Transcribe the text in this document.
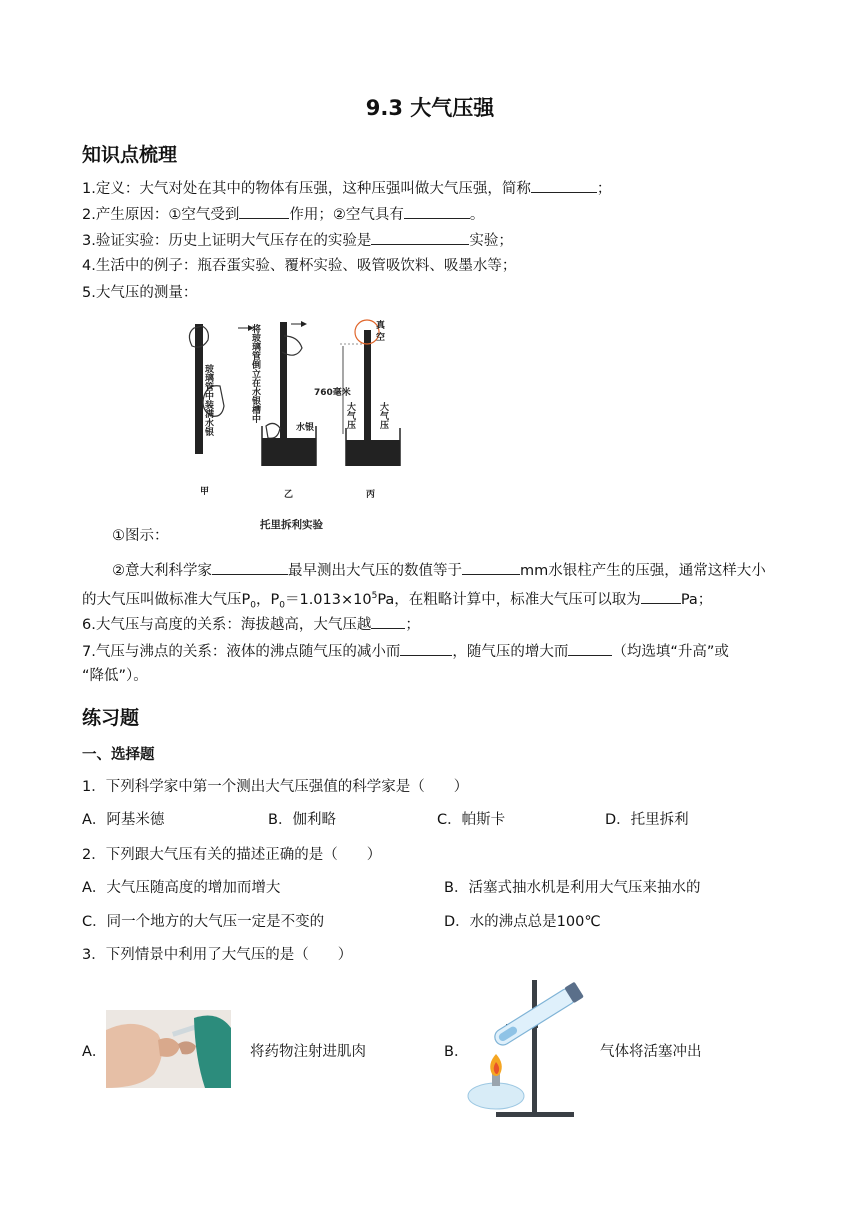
9.3 大气压强
知识点梳理
1.定义：大气对处在其中的物体有压强，这种压强叫做大气压强，简称	；
2.产生原因：①空气受到	作用；②空气具有	。
3.验证实验：历史上证明大气压存在的实验是	实验；
4.生活中的例子：瓶吞蛋实验、覆杯实验、吸管吸饮料、吸墨水等；
5.大气压的测量：
玻璃管中装满水银	将玻璃管倒立在水银槽中
水银
真
空
760毫米
大气压	大气压
甲	乙	丙
托里拆利实验
①图示：
②意大利科学家	最早测出大气压的数值等于	mm水银柱产生的压强，通常这样大小
的大气压叫做标准大气压$P_0$，$P_0=1.013\times 10^5Pa$，在粗略计算中，标准大气压可以取为	Pa；
6.大气压与高度的关系：海拔越高，大气压越 ；
7.气压与沸点的关系：液体的沸点随气压的减小而	，随气压的增大而	（均选填“升高”或
“降低”）。
练习题
一、选择题
1．下列科学家中第一个测出大气压强值的科学家是（　　）
A．阿基米德	B．伽利略	C．帕斯卡	D．托里拆利
2．下列跟大气压有关的描述正确的是（　　）
A．大气压随高度的增加而增大	B．活塞式抽水机是利用大气压来抽水的
C．同一个地方的大气压一定是不变的	D．水的沸点总是100℃
3．下列情景中利用了大气压的是（　　）
A．	将药物注射进肌肉	B．	气体将活塞冲出
